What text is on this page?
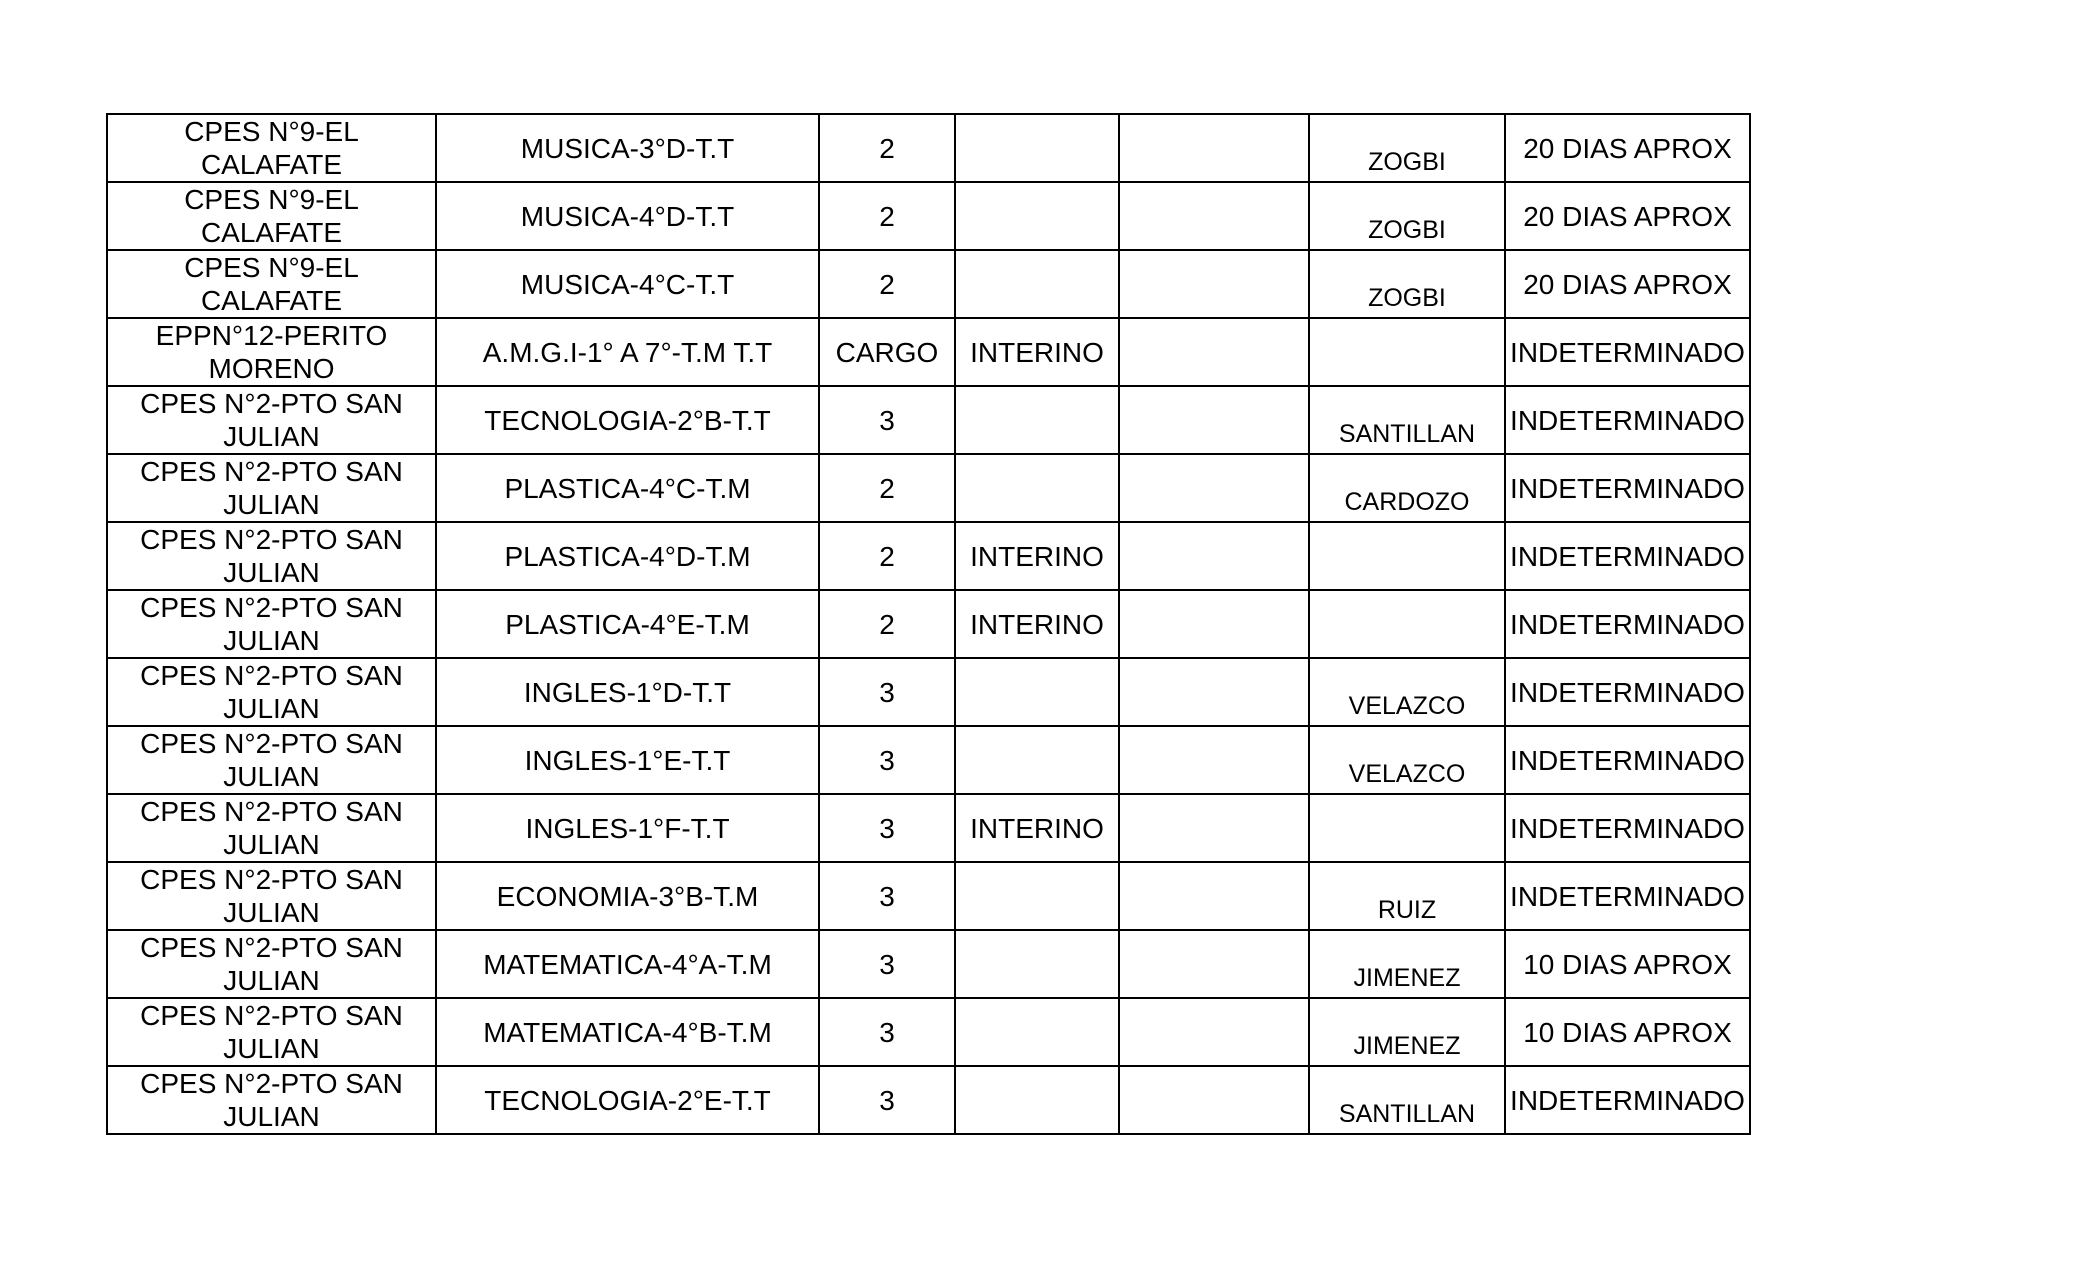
CPES N°9-EL
CALAFATE	MUSICA-3°D-T.T	2			ZOGBI	20 DIAS APROX

CPES N°9-EL
CALAFATE	MUSICA-4°D-T.T	2			ZOGBI	20 DIAS APROX

CPES N°9-EL
CALAFATE	MUSICA-4°C-T.T	2			ZOGBI	20 DIAS APROX

EPPN°12-PERITO
MORENO	A.M.G.I-1° A 7°-T.M T.T	CARGO	INTERINO			INDETERMINADO

CPES N°2-PTO SAN
JULIAN	TECNOLOGIA-2°B-T.T	3			SANTILLAN	INDETERMINADO

CPES N°2-PTO SAN
JULIAN	PLASTICA-4°C-T.M	2			CARDOZO	INDETERMINADO

CPES N°2-PTO SAN
JULIAN	PLASTICA-4°D-T.M	2	INTERINO			INDETERMINADO

CPES N°2-PTO SAN
JULIAN	PLASTICA-4°E-T.M	2	INTERINO			INDETERMINADO

CPES N°2-PTO SAN
JULIAN	INGLES-1°D-T.T	3			VELAZCO	INDETERMINADO

CPES N°2-PTO SAN
JULIAN	INGLES-1°E-T.T	3			VELAZCO	INDETERMINADO

CPES N°2-PTO SAN
JULIAN	INGLES-1°F-T.T	3	INTERINO			INDETERMINADO

CPES N°2-PTO SAN
JULIAN	ECONOMIA-3°B-T.M	3			RUIZ	INDETERMINADO

CPES N°2-PTO SAN
JULIAN	MATEMATICA-4°A-T.M	3			JIMENEZ	10 DIAS APROX

CPES N°2-PTO SAN
JULIAN	MATEMATICA-4°B-T.M	3			JIMENEZ	10 DIAS APROX

CPES N°2-PTO SAN
JULIAN	TECNOLOGIA-2°E-T.T	3			SANTILLAN	INDETERMINADO
